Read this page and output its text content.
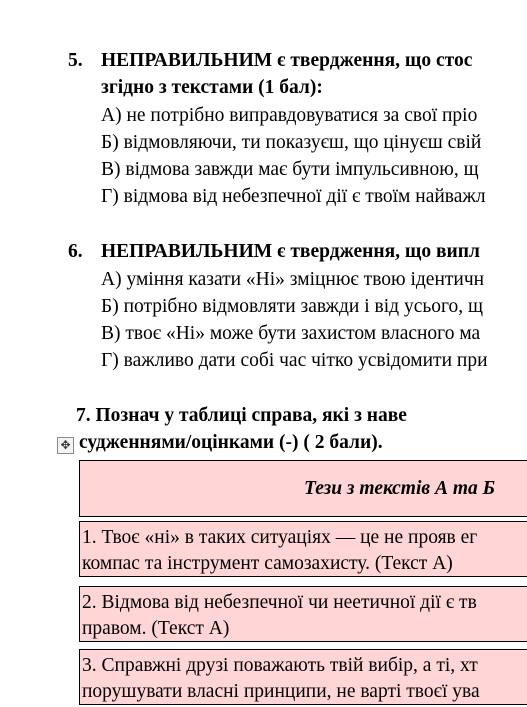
5. НЕПРАВИЛЬНИМ є твердження, що стос
згідно з текстами (1 бал):
А) не потрібно виправдовуватися за свої пріо
Б) відмовляючи, ти показуєш, що цінуєш свій
В) відмова завжди має бути імпульсивною, щ
Г) відмова від небезпечної дії є твоїм найважл
6. НЕПРАВИЛЬНИМ є твердження, що випл
А) уміння казати «Ні» зміцнює твою ідентичн
Б) потрібно відмовляти завжди і від усього, щ
В) твоє «Ні» може бути захистом власного ма
Г) важливо дати собі час чітко усвідомити при
7. Познач у таблиці справа, які з наве
✥ судженнями/оцінками (-) ( 2 бали).
Тези з текстів А та Б
1. Твоє «ні» в таких ситуаціях — це не прояв ег
компас та інструмент самозахисту. (Текст А)
2. Відмова від небезпечної чи неетичної дії є тв
правом. (Текст А)
3. Справжні друзі поважають твій вибір, а ті, хт
порушувати власні принципи, не варті твоєї ува
